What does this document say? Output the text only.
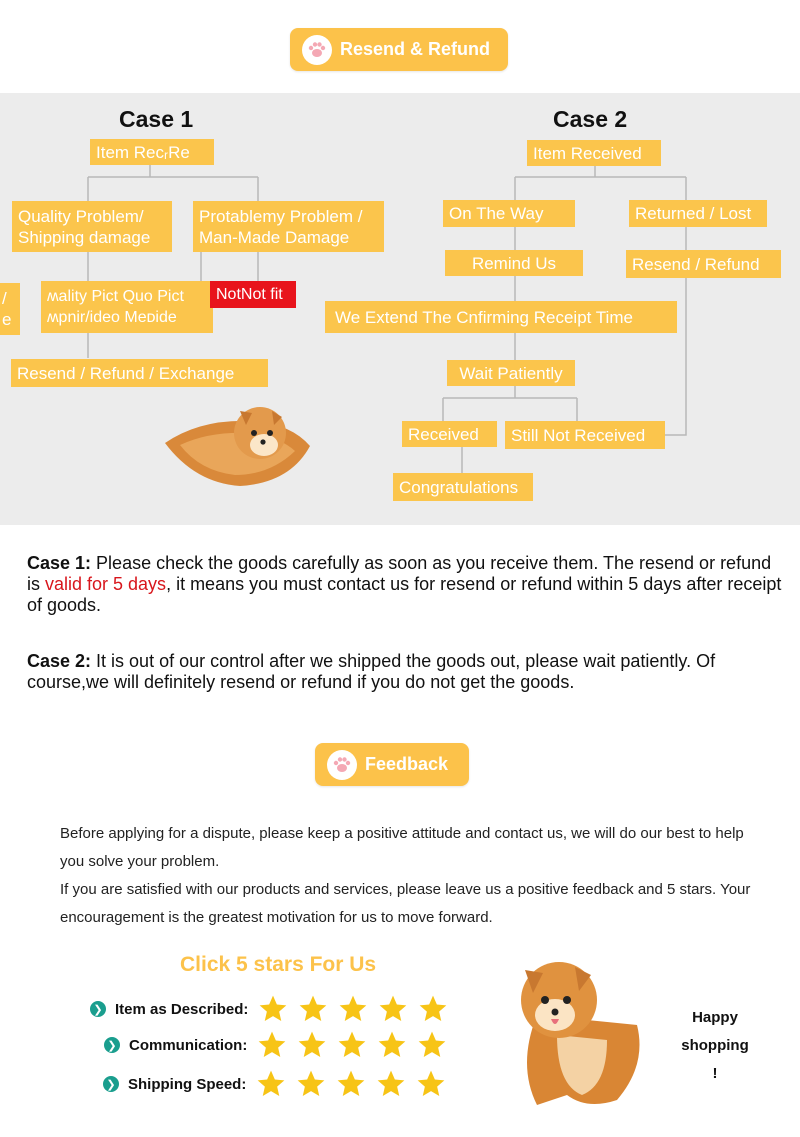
Resend & Refund
Case 1
Item RecᵣRe
Quality Problem/
Shipping damage
Protablemy Problem /
Man-Made Damage
/
e
ʍality Pict Quo Pict
ʍpnir/ideo Meᴅide
NotNot fit
Resend / Refund / Exchange
Case 2
Item Received
On The Way	Returned / Lost
Remind Us	Resend / Refund
We Extend The Cnfirming Receipt Time
Wait Patiently
Received	Still Not Received
Congratulations
Case 1: Please check the goods carefully as soon as you receive them. The resend or refund is valid for 5 days, it means you must contact us for resend or refund within 5 days after receipt of goods.
Case 2: It is out of our control after we shipped the goods out, please wait patiently. Of course,we will definitely resend or refund if you do not get the goods.
Feedback
Before applying for a dispute, please keep a positive attitude and contact us, we will do our best to help you solve your problem.
If you are satisfied with our products and services, please leave us a positive feedback and 5 stars. Your encouragement is the greatest motivation for us to move forward.
Click 5 stars For Us
❯ Item as Described:
❯ Communication:
❯ Shipping Speed:
Happy
shopping
!
